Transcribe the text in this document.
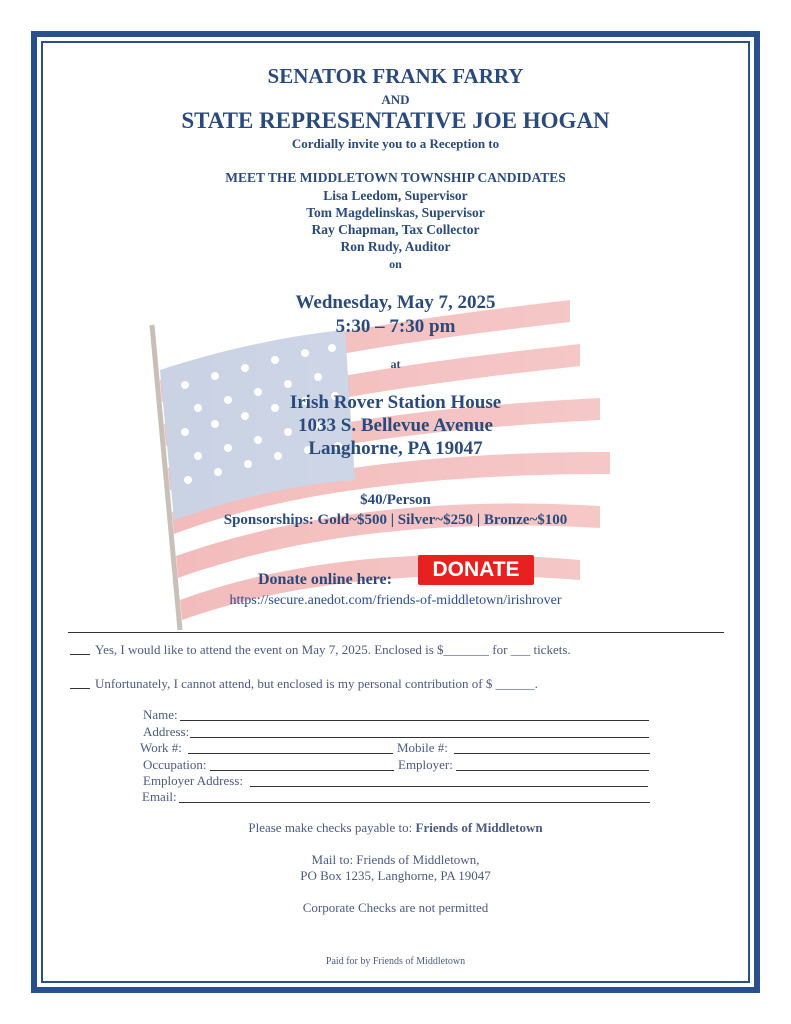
SENATOR FRANK FARRY
AND
STATE REPRESENTATIVE JOE HOGAN
Cordially invite you to a Reception to
MEET THE MIDDLETOWN TOWNSHIP CANDIDATES
Lisa Leedom, Supervisor
Tom Magdelinskas, Supervisor
Ray Chapman, Tax Collector
Ron Rudy, Auditor
on
Wednesday, May 7, 2025
5:30 – 7:30 pm
at
Irish Rover Station House
1033 S. Bellevue Avenue
Langhorne, PA 19047
$40/Person
Sponsorships: Gold~$500 | Silver~$250 | Bronze~$100
Donate online here:	DONATE
https://secure.anedot.com/friends-of-middletown/irishrover
Yes, I would like to attend the event on May 7, 2025. Enclosed is $_______ for ___ tickets.
Unfortunately, I cannot attend, but enclosed is my personal contribution of $ ______.
Name:
Address:
Work #:	Mobile #:
Occupation:	Employer:
Employer Address:
Email:
Please make checks payable to: Friends of Middletown
Mail to: Friends of Middletown,
PO Box 1235, Langhorne, PA 19047
Corporate Checks are not permitted
Paid for by Friends of Middletown
